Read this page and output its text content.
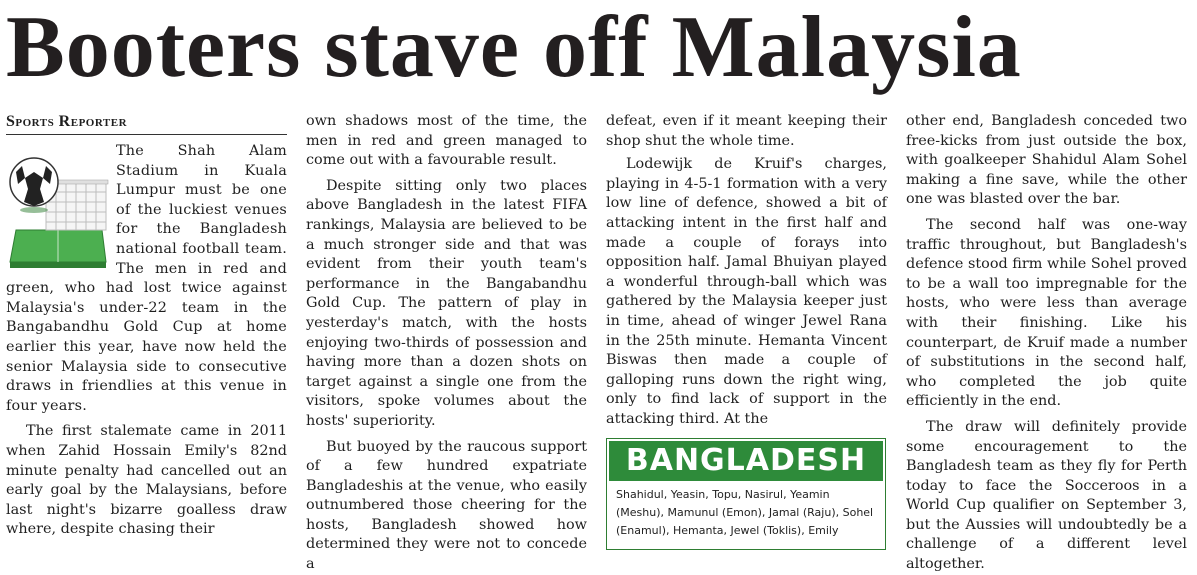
Booters stave off Malaysia
Sports Reporter

The Shah Alam Stadium in Kuala Lumpur must be one of the luckiest venues for the Bangladesh national football team. The men in red and green, who had lost twice against Malaysia's under-22 team in the Bangabandhu Gold Cup at home earlier this year, have now held the senior Malaysia side to consecutive draws in friendlies at this venue in four years.

The first stalemate came in 2011 when Zahid Hossain Emily's 82nd minute penalty had cancelled out an early goal by the Malaysians, before last night's bizarre goalless draw where, despite chasing their

own shadows most of the time, the men in red and green managed to come out with a favourable result.

Despite sitting only two places above Bangladesh in the latest FIFA rankings, Malaysia are believed to be a much stronger side and that was evident from their youth team's performance in the Bangabandhu Gold Cup. The pattern of play in yesterday's match, with the hosts enjoying two-thirds of possession and having more than a dozen shots on target against a single one from the visitors, spoke volumes about the hosts' superiority.

But buoyed by the raucous support of a few hundred expatriate Bangladeshis at the venue, who easily outnumbered those cheering for the hosts, Bangladesh showed how determined they were not to concede a

defeat, even if it meant keeping their shop shut the whole time.

Lodewijk de Kruif's charges, playing in 4-5-1 formation with a very low line of defence, showed a bit of attacking intent in the first half and made a couple of forays into opposition half. Jamal Bhuiyan played a wonderful through-ball which was gathered by the Malaysia keeper just in time, ahead of winger Jewel Rana in the 25th minute. Hemanta Vincent Biswas then made a couple of galloping runs down the right wing, only to find lack of support in the attacking third. At the

BANGLADESH
Shahidul, Yeasin, Topu, Nasirul, Yeamin (Meshu), Mamunul (Emon), Jamal (Raju), Sohel (Enamul), Hemanta, Jewel (Toklis), Emily

other end, Bangladesh conceded two free-kicks from just outside the box, with goalkeeper Shahidul Alam Sohel making a fine save, while the other one was blasted over the bar.

The second half was one-way traffic throughout, but Bangladesh's defence stood firm while Sohel proved to be a wall too impregnable for the hosts, who were less than average with their finishing. Like his counterpart, de Kruif made a number of substitutions in the second half, who completed the job quite efficiently in the end.

The draw will definitely provide some encouragement to the Bangladesh team as they fly for Perth today to face the Socceroos in a World Cup qualifier on September 3, but the Aussies will undoubtedly be a challenge of a different level altogether.
